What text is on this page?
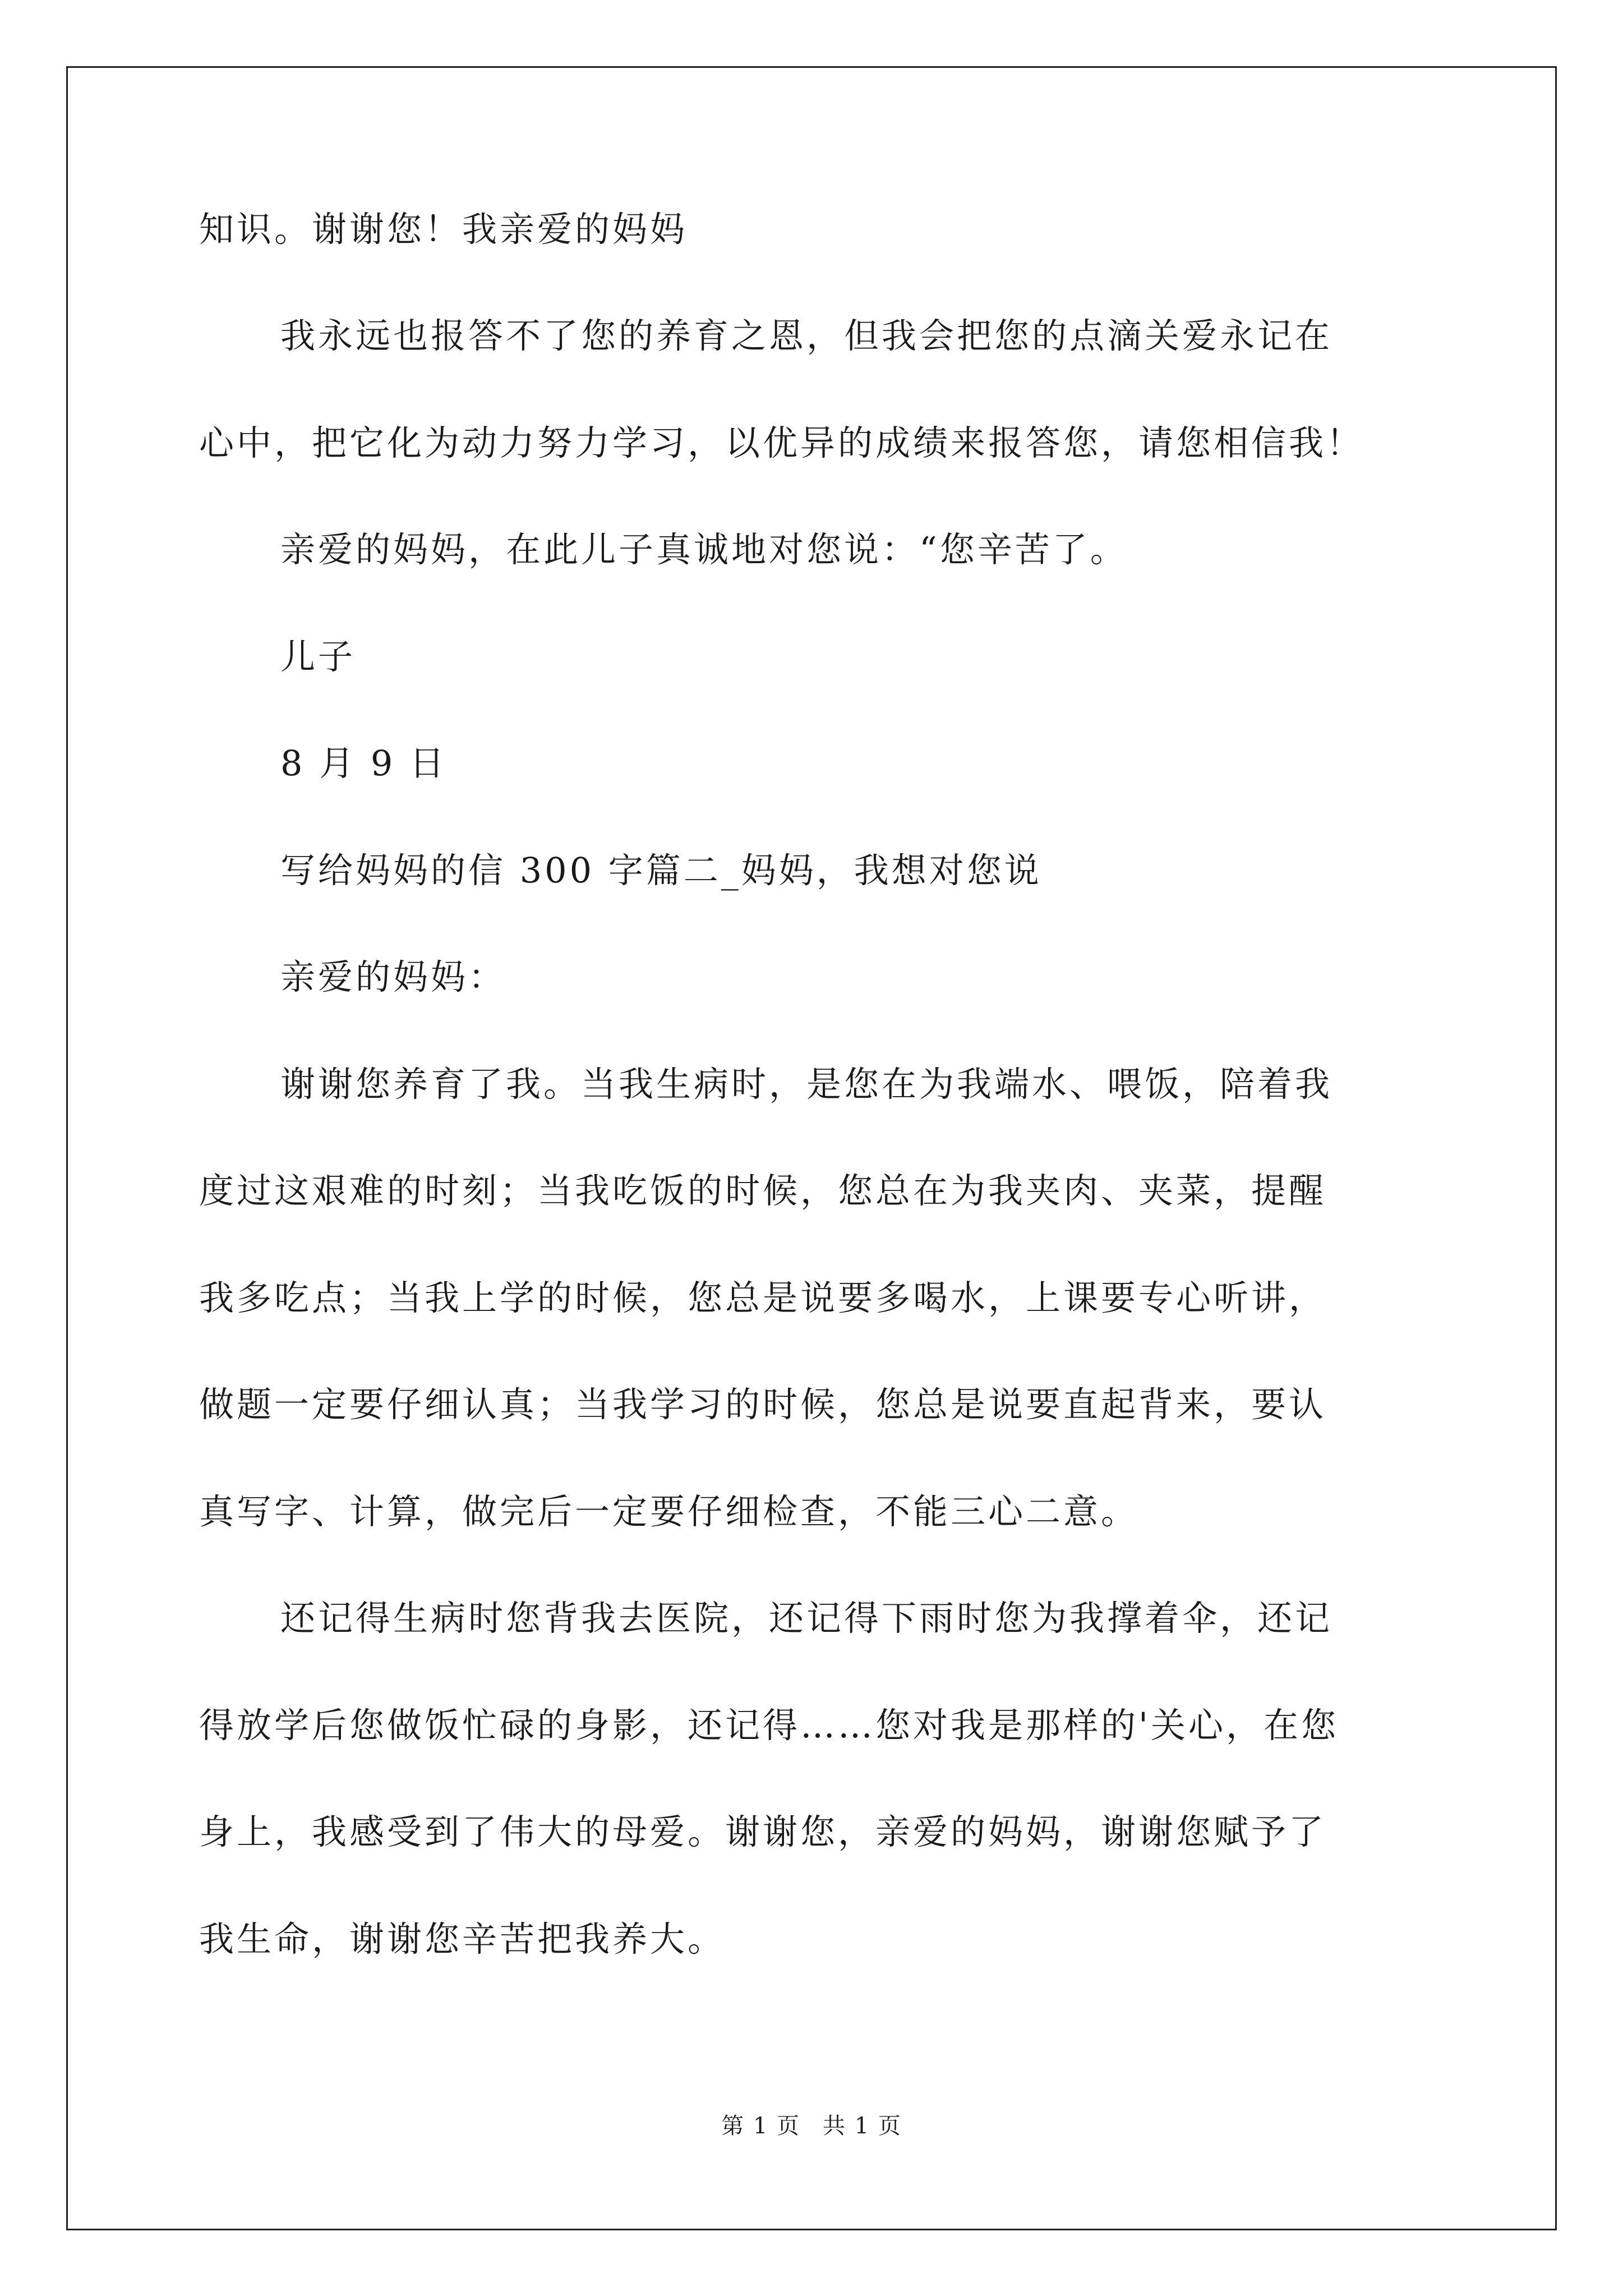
知识。谢谢您！我亲爱的妈妈
我永远也报答不了您的养育之恩，但我会把您的点滴关爱永记在
心中，把它化为动力努力学习，以优异的成绩来报答您，请您相信我！
亲爱的妈妈，在此儿子真诚地对您说：“您辛苦了。
儿子
8 月 9 日
写给妈妈的信 300 字篇二_妈妈，我想对您说
亲爱的妈妈：
谢谢您养育了我。当我生病时，是您在为我端水、喂饭，陪着我
度过这艰难的时刻；当我吃饭的时候，您总在为我夹肉、夹菜，提醒
我多吃点；当我上学的时候，您总是说要多喝水，上课要专心听讲，
做题一定要仔细认真；当我学习的时候，您总是说要直起背来，要认
真写字、计算，做完后一定要仔细检查，不能三心二意。
还记得生病时您背我去医院，还记得下雨时您为我撑着伞，还记
得放学后您做饭忙碌的身影，还记得……您对我是那样的'关心，在您
身上，我感受到了伟大的母爱。谢谢您，亲爱的妈妈，谢谢您赋予了
我生命，谢谢您辛苦把我养大。
第 1 页 共 1 页
